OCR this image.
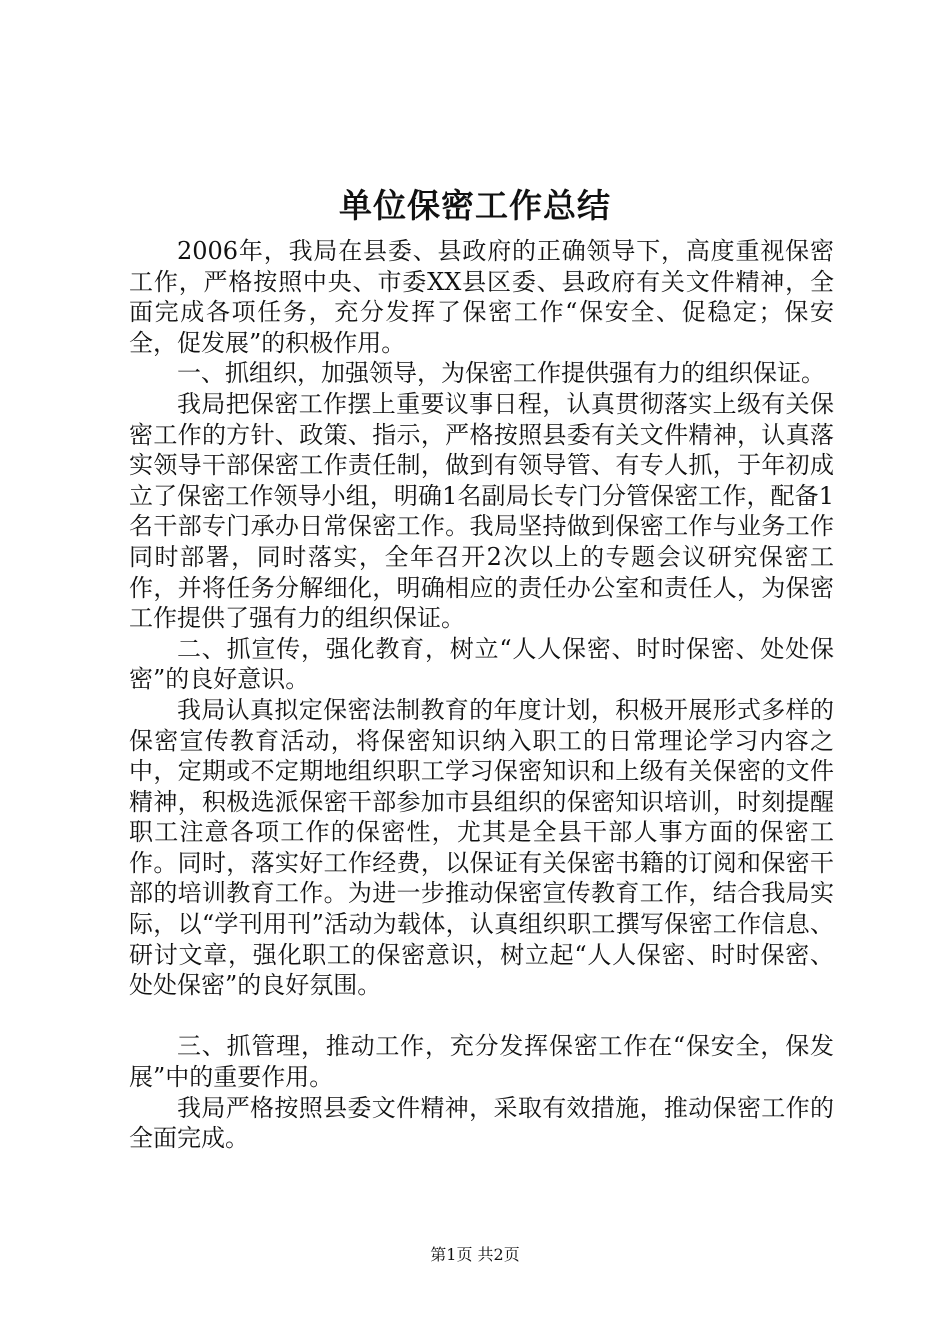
单位保密工作总结

2006年，我局在县委、县政府的正确领导下，高度重视保密工作，严格按照中央、市委XX县区委、县政府有关文件精神，全面完成各项任务，充分发挥了保密工作“保安全、促稳定；保安全，促发展”的积极作用。

一、抓组织，加强领导，为保密工作提供强有力的组织保证。

我局把保密工作摆上重要议事日程，认真贯彻落实上级有关保密工作的方针、政策、指示，严格按照县委有关文件精神，认真落实领导干部保密工作责任制，做到有领导管、有专人抓，于年初成立了保密工作领导小组，明确1名副局长专门分管保密工作，配备1名干部专门承办日常保密工作。我局坚持做到保密工作与业务工作同时部署，同时落实，全年召开2次以上的专题会议研究保密工作，并将任务分解细化，明确相应的责任办公室和责任人，为保密工作提供了强有力的组织保证。

二、抓宣传，强化教育，树立“人人保密、时时保密、处处保密”的良好意识。

我局认真拟定保密法制教育的年度计划，积极开展形式多样的保密宣传教育活动，将保密知识纳入职工的日常理论学习内容之中，定期或不定期地组织职工学习保密知识和上级有关保密的文件精神，积极选派保密干部参加市县组织的保密知识培训，时刻提醒职工注意各项工作的保密性，尤其是全县干部人事方面的保密工作。同时，落实好工作经费，以保证有关保密书籍的订阅和保密干部的培训教育工作。为进一步推动保密宣传教育工作，结合我局实际，以“学刊用刊”活动为载体，认真组织职工撰写保密工作信息、研讨文章，强化职工的保密意识，树立起“人人保密、时时保密、处处保密”的良好氛围。

三、抓管理，推动工作，充分发挥保密工作在“保安全，保发展”中的重要作用。

我局严格按照县委文件精神，采取有效措施，推动保密工作的全面完成。

第1页 共2页
